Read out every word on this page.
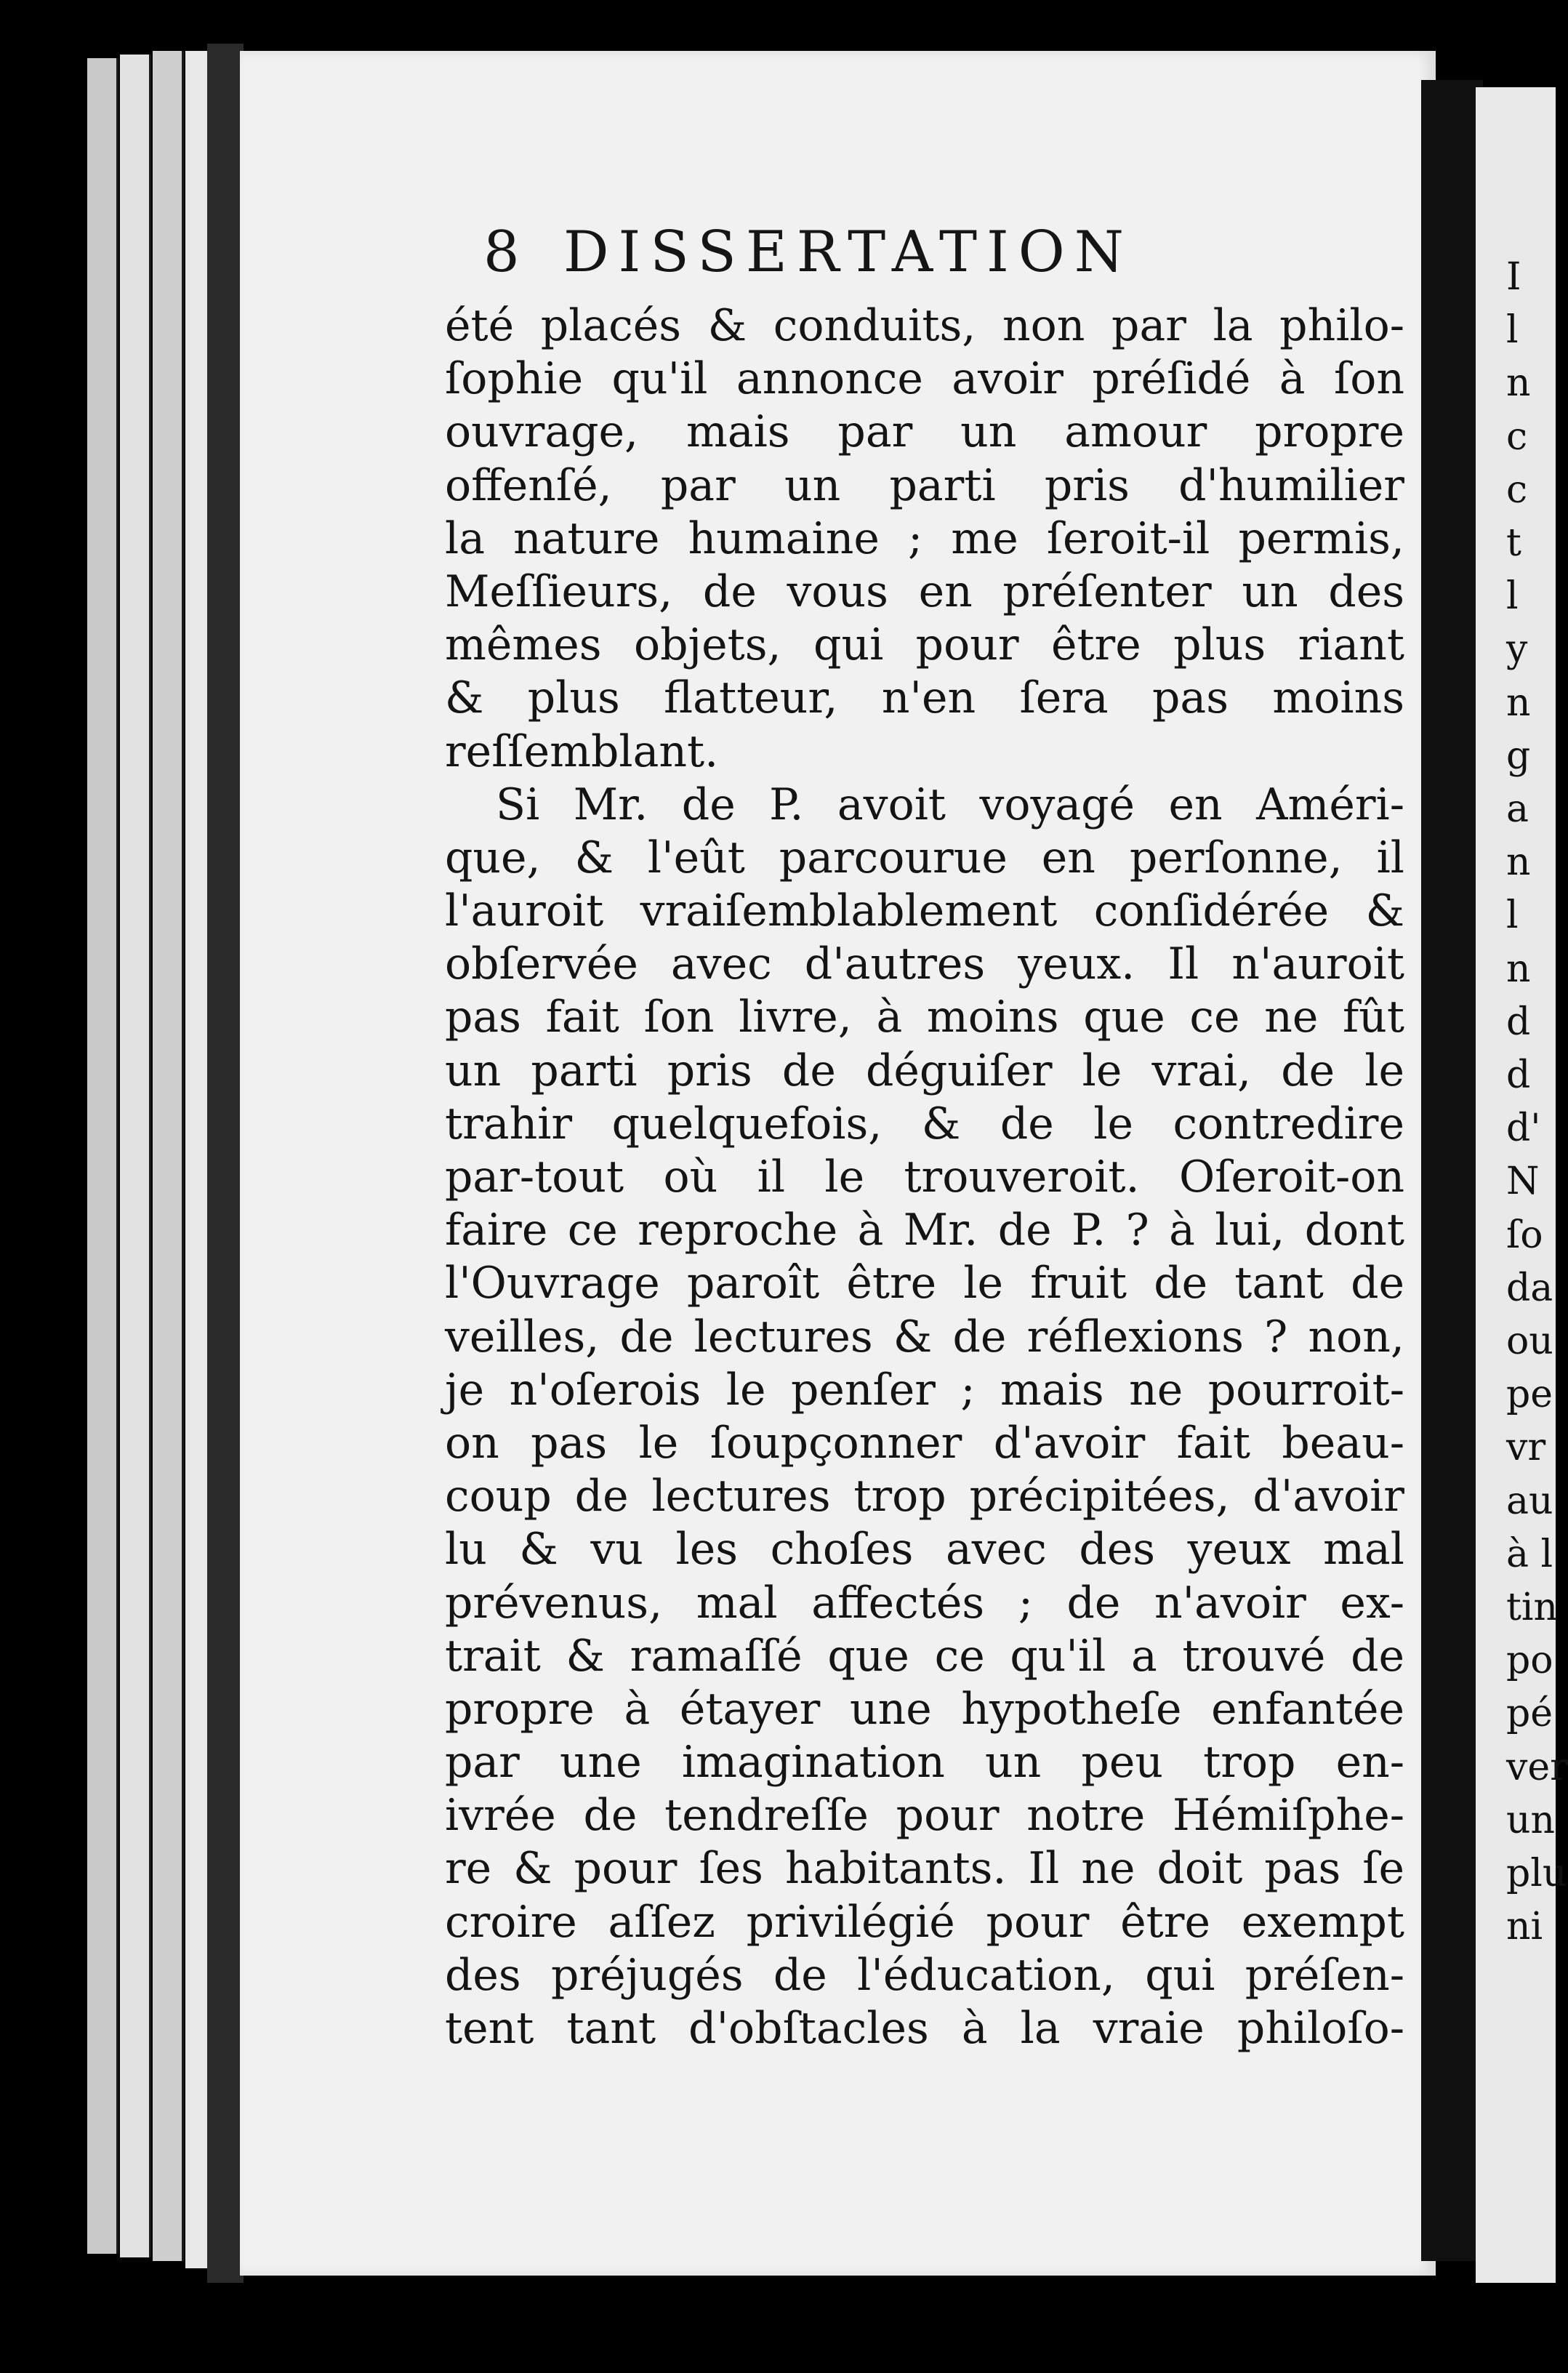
8 DISSERTATION
été placés & conduits, non par la philo-
ſophie qu'il annonce avoir préſidé à ſon
ouvrage, mais par un amour propre
offenſé, par un parti pris d'humilier
la nature humaine ; me ſeroit-il permis,
Meſſieurs, de vous en préſenter un des
mêmes objets, qui pour être plus riant
& plus flatteur, n'en ſera pas moins
reſſemblant.
Si Mr. de P. avoit voyagé en Améri-
que, & l'eût parcourue en perſonne, il
l'auroit vraiſemblablement conſidérée &
obſervée avec d'autres yeux. Il n'auroit
pas fait ſon livre, à moins que ce ne fût
un parti pris de déguiſer le vrai, de le
trahir quelquefois, & de le contredire
par-tout où il le trouveroit. Oſeroit-on
faire ce reproche à Mr. de P. ? à lui, dont
l'Ouvrage paroît être le fruit de tant de
veilles, de lectures & de réflexions ? non,
je n'oſerois le penſer ; mais ne pourroit-
on pas le ſoupçonner d'avoir fait beau-
coup de lectures trop précipitées, d'avoir
lu & vu les choſes avec des yeux mal
prévenus, mal affectés ; de n'avoir ex-
trait & ramaſſé que ce qu'il a trouvé de
propre à étayer une hypotheſe enfantée
par une imagination un peu trop en-
ivrée de tendreſſe pour notre Hémiſphe-
re & pour ſes habitants. Il ne doit pas ſe
croire aſſez privilégié pour être exempt
des préjugés de l'éducation, qui préſen-
tent tant d'obſtacles à la vraie philoſo-
I
l
n
c
c
t
l
y
n
g
a
n
l
n
d
d
d'
N
ſo
da
ou
pe
vr
au
à l
tin
po
pé
ver
un
plu
ni
